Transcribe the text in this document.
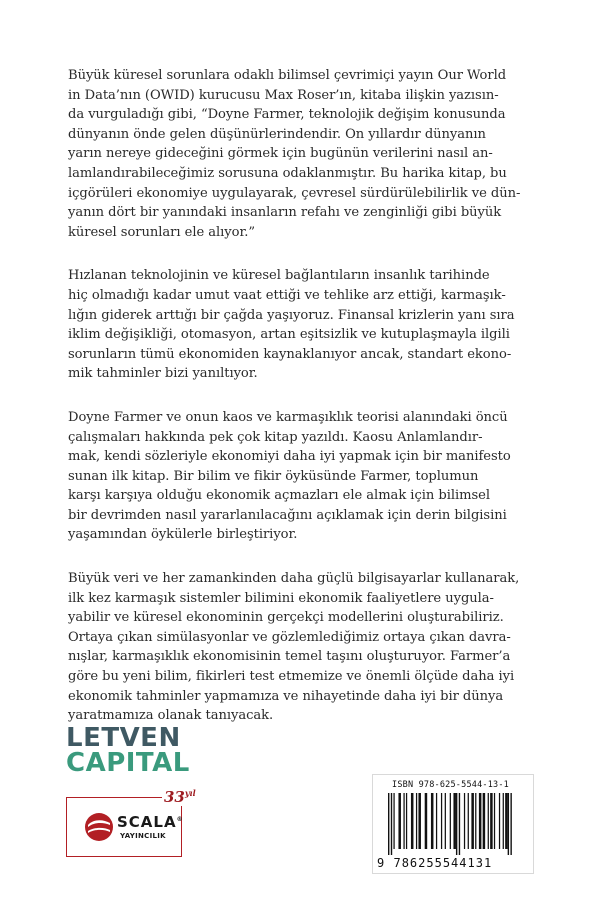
Büyük küresel sorunlara odaklı bilimsel çevrimiçi yayın Our World
in Data’nın (OWID) kurucusu Max Roser’ın, kitaba ilişkin yazısın-
da vurguladığı gibi, “Doyne Farmer, teknolojik değişim konusunda
dünyanın önde gelen düşünürlerindendir. On yıllardır dünyanın
yarın nereye gideceğini görmek için bugünün verilerini nasıl an-
lamlandırabileceğimiz sorusuna odaklanmıştır. Bu harika kitap, bu
içgörüleri ekonomiye uygulayarak, çevresel sürdürülebilirlik ve dün-
yanın dört bir yanındaki insanların refahı ve zenginliği gibi büyük
küresel sorunları ele alıyor.”

Hızlanan teknolojinin ve küresel bağlantıların insanlık tarihinde
hiç olmadığı kadar umut vaat ettiği ve tehlike arz ettiği, karmaşık-
lığın giderek arttığı bir çağda yaşıyoruz. Finansal krizlerin yanı sıra
iklim değişikliği, otomasyon, artan eşitsizlik ve kutuplaşmayla ilgili
sorunların tümü ekonomiden kaynaklanıyor ancak, standart ekono-
mik tahminler bizi yanıltıyor.

Doyne Farmer ve onun kaos ve karmaşıklık teorisi alanındaki öncü
çalışmaları hakkında pek çok kitap yazıldı. Kaosu Anlamlandır-
mak, kendi sözleriyle ekonomiyi daha iyi yapmak için bir manifesto
sunan ilk kitap. Bir bilim ve fikir öyküsünde Farmer, toplumun
karşı karşıya olduğu ekonomik açmazları ele almak için bilimsel
bir devrimden nasıl yararlanılacağını açıklamak için derin bilgisini
yaşamından öykülerle birleştiriyor.

Büyük veri ve her zamankinden daha güçlü bilgisayarlar kullanarak,
ilk kez karmaşık sistemler bilimini ekonomik faaliyetlere uygula-
yabilir ve küresel ekonominin gerçekçi modellerini oluşturabiliriz.
Ortaya çıkan simülasyonlar ve gözlemlediğimiz ortaya çıkan davra-
nışlar, karmaşıklık ekonomisinin temel taşını oluşturuyor. Farmer’a
göre bu yeni bilim, fikirleri test etmemize ve önemli ölçüde daha iyi
ekonomik tahminler yapmamıza ve nihayetinde daha iyi bir dünya
yaratmamıza olanak tanıyacak.

LETVEN
CAPITAL
$33^{yıl}$
SCALA®
YAYINCILIK
ISBN 978-625-5544-13-1
9 786255544131
